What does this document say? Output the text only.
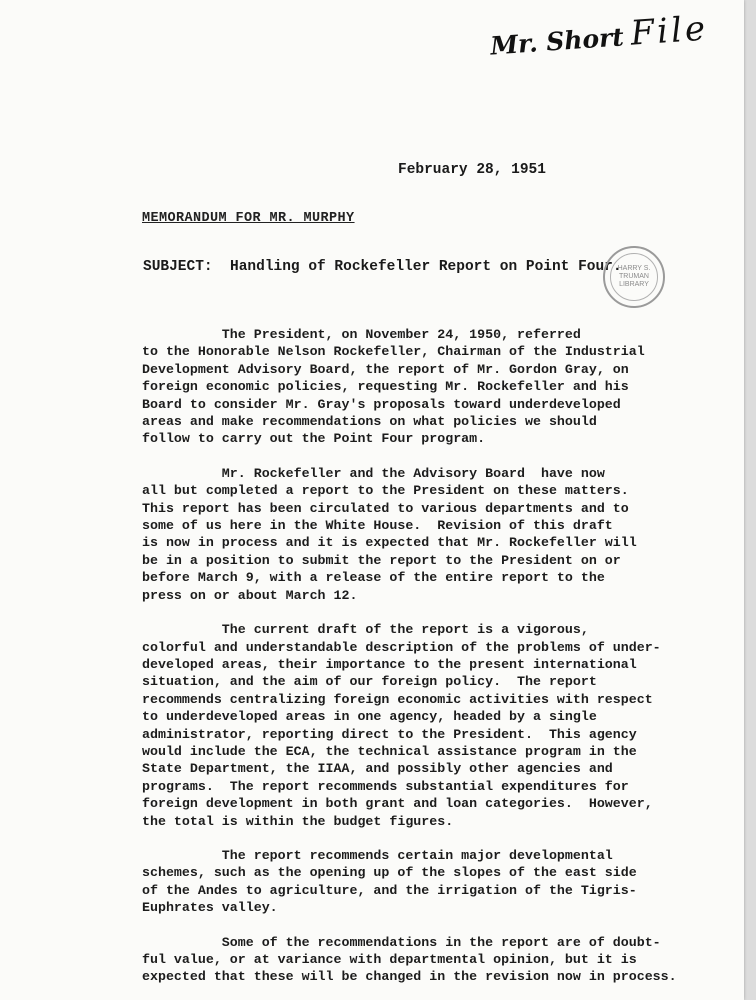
Mr. Short File
February 28, 1951
MEMORANDUM FOR MR. MURPHY
SUBJECT:  Handling of Rockefeller Report on Point Four.
HARRY S. TRUMAN LIBRARY

The President, on November 24, 1950, referred
to the Honorable Nelson Rockefeller, Chairman of the Industrial
Development Advisory Board, the report of Mr. Gordon Gray, on
foreign economic policies, requesting Mr. Rockefeller and his
Board to consider Mr. Gray's proposals toward underdeveloped
areas and make recommendations on what policies we should
follow to carry out the Point Four program.

Mr. Rockefeller and the Advisory Board  have now
all but completed a report to the President on these matters.
This report has been circulated to various departments and to
some of us here in the White House.  Revision of this draft
is now in process and it is expected that Mr. Rockefeller will
be in a position to submit the report to the President on or
before March 9, with a release of the entire report to the
press on or about March 12.

The current draft of the report is a vigorous,
colorful and understandable description of the problems of under-
developed areas, their importance to the present international
situation, and the aim of our foreign policy.  The report
recommends centralizing foreign economic activities with respect
to underdeveloped areas in one agency, headed by a single
administrator, reporting direct to the President.  This agency
would include the ECA, the technical assistance program in the
State Department, the IIAA, and possibly other agencies and
programs.  The report recommends substantial expenditures for
foreign development in both grant and loan categories.  However,
the total is within the budget figures.

The report recommends certain major developmental
schemes, such as the opening up of the slopes of the east side
of the Andes to agriculture, and the irrigation of the Tigris-
Euphrates valley.

Some of the recommendations in the report are of doubt-
ful value, or at variance with departmental opinion, but it is
expected that these will be changed in the revision now in process.
